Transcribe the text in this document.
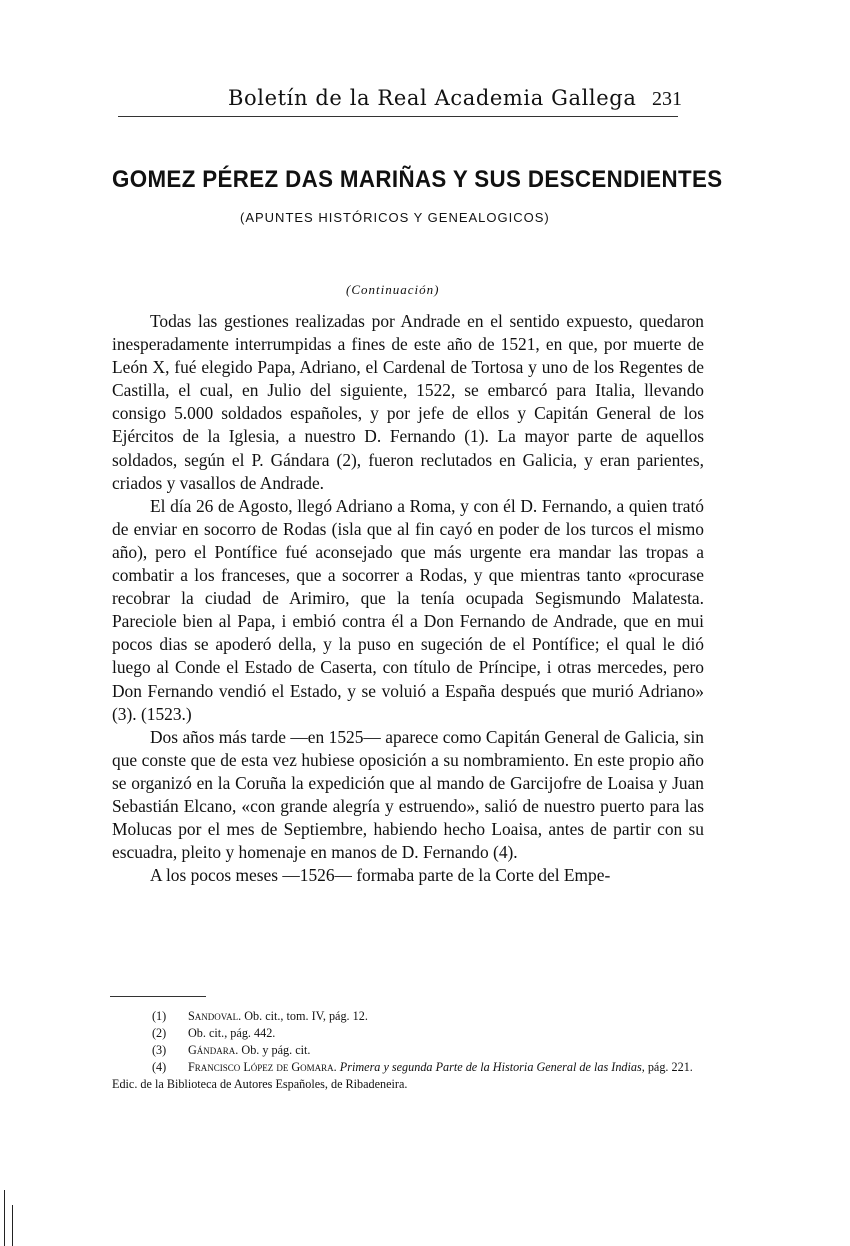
Boletín de la Real Academia Gallega 231
GOMEZ PÉREZ DAS MARIÑAS Y SUS DESCENDIENTES
(APUNTES HISTÓRICOS Y GENEALOGICOS)
(Continuación)

Todas las gestiones realizadas por Andrade en el sentido expuesto, quedaron inesperadamente interrumpidas a fines de este año de 1521, en que, por muerte de León X, fué elegido Papa, Adriano, el Cardenal de Tortosa y uno de los Regentes de Castilla, el cual, en Julio del siguiente, 1522, se embarcó para Italia, llevando consigo 5.000 soldados españoles, y por jefe de ellos y Capitán General de los Ejércitos de la Iglesia, a nuestro D. Fernando (1). La mayor parte de aquellos soldados, según el P. Gándara (2), fueron reclutados en Galicia, y eran parientes, criados y vasallos de Andrade.

El día 26 de Agosto, llegó Adriano a Roma, y con él D. Fernando, a quien trató de enviar en socorro de Rodas (isla que al fin cayó en poder de los turcos el mismo año), pero el Pontífice fué aconsejado que más urgente era mandar las tropas a combatir a los franceses, que a socorrer a Rodas, y que mientras tanto «procurase recobrar la ciudad de Arimiro, que la tenía ocupada Segismundo Malatesta. Pareciole bien al Papa, i embió contra él a Don Fernando de Andrade, que en mui pocos dias se apoderó della, y la puso en sugeción de el Pontífice; el qual le dió luego al Conde el Estado de Caserta, con título de Príncipe, i otras mercedes, pero Don Fernando vendió el Estado, y se voluió a España después que murió Adriano» (3). (1523.)

Dos años más tarde —en 1525— aparece como Capitán General de Galicia, sin que conste que de esta vez hubiese oposición a su nombramiento. En este propio año se organizó en la Coruña la expedición que al mando de Garcijofre de Loaisa y Juan Sebastián Elcano, «con grande alegría y estruendo», salió de nuestro puerto para las Molucas por el mes de Septiembre, habiendo hecho Loaisa, antes de partir con su escuadra, pleito y homenaje en manos de D. Fernando (4).

A los pocos meses —1526— formaba parte de la Corte del Empe-

(1) Sandoval. Ob. cit., tom. IV, pág. 12.
(2) Ob. cit., pág. 442.
(3) Gándara. Ob. y pág. cit.
(4) Francisco López de Gomara. Primera y segunda Parte de la Historia General de las Indias, pág. 221. Edic. de la Biblioteca de Autores Españoles, de Ribadeneira.
